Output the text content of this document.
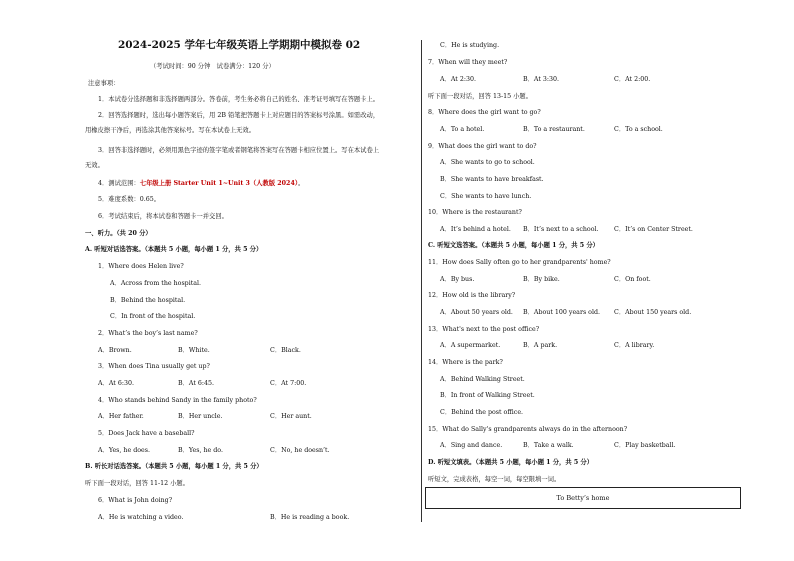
2024-2025 学年七年级英语上学期期中模拟卷 02
（考试时间：90 分钟　试卷满分：120 分）
注意事项：
1．本试卷分选择题和非选择题两部分。答卷前，考生务必将自己的姓名、准考证号填写在答题卡上。
2．回答选择题时，选出每小题答案后，用 2B 铅笔把答题卡上对应题目的答案标号涂黑。如需改动，
用橡皮擦干净后，再选涂其他答案标号。写在本试卷上无效。
3．回答非选择题时，必须用黑色字迹的签字笔或者钢笔将答案写在答题卡相应位置上。写在本试卷上
无效。
4．测试范围：七年级上册 Starter Unit 1~Unit 3（人教版 2024）。
5．难度系数：0.65。
6．考试结束后，将本试卷和答题卡一并交回。
一、听力。（共 20 分）
A. 听短对话选答案。（本题共 5 小题，每小题 1 分，共 5 分）
1．Where does Helen live?
A．Across from the hospital.
B．Behind the hospital.
C．In front of the hospital.
2．What’s the boy’s last name?
A．Brown.	B．White.	C．Black.
3．When does Tina usually get up?
A．At 6:30.	B．At 6:45.	C．At 7:00.
4．Who stands behind Sandy in the family photo?
A．Her father.	B．Her uncle.	C．Her aunt.
5．Does Jack have a baseball?
A．Yes, he does.	B．Yes, he do.	C．No, he doesn’t.
B. 听长对话选答案。（本题共 5 小题，每小题 1 分，共 5 分）
听下面一段对话，回答 11-12 小题。
6．What is John doing?
A．He is watching a video.	B．He is reading a book.
C．He is studying.
7．When will they meet?
A．At 2:30.	B．At 3:30.	C．At 2:00.
听下面一段对话，回答 13-15 小题。
8．Where does the girl want to go?
A．To a hotel.	B．To a restaurant.	C．To a school.
9．What does the girl want to do?
A．She wants to go to school.
B．She wants to have breakfast.
C．She wants to have lunch.
10．Where is the restaurant?
A．It’s behind a hotel. B．It’s next to a school. C．It’s on Center Street.
C. 听短文选答案。（本题共 5 小题，每小题 1 分，共 5 分）
11．How does Sally often go to her grandparents' home?
A．By bus.	B．By bike.	C．On foot.
12．How old is the library?
A．About 50 years old. B．About 100 years old. C．About 150 years old.
13．What's next to the post office?
A．A supermarket.	B．A park.	C．A library.
14．Where is the park?
A．Behind Walking Street.
B．In front of Walking Street.
C．Behind the post office.
15．What do Sally's grandparents always do in the afternoon?
A．Sing and dance.	B．Take a walk.	C．Play basketball.
D. 听短文填表。（本题共 5 小题，每小题 1 分，共 5 分）
听短文，完成表格，每空一词，每空限填一词。
To Betty’s home
